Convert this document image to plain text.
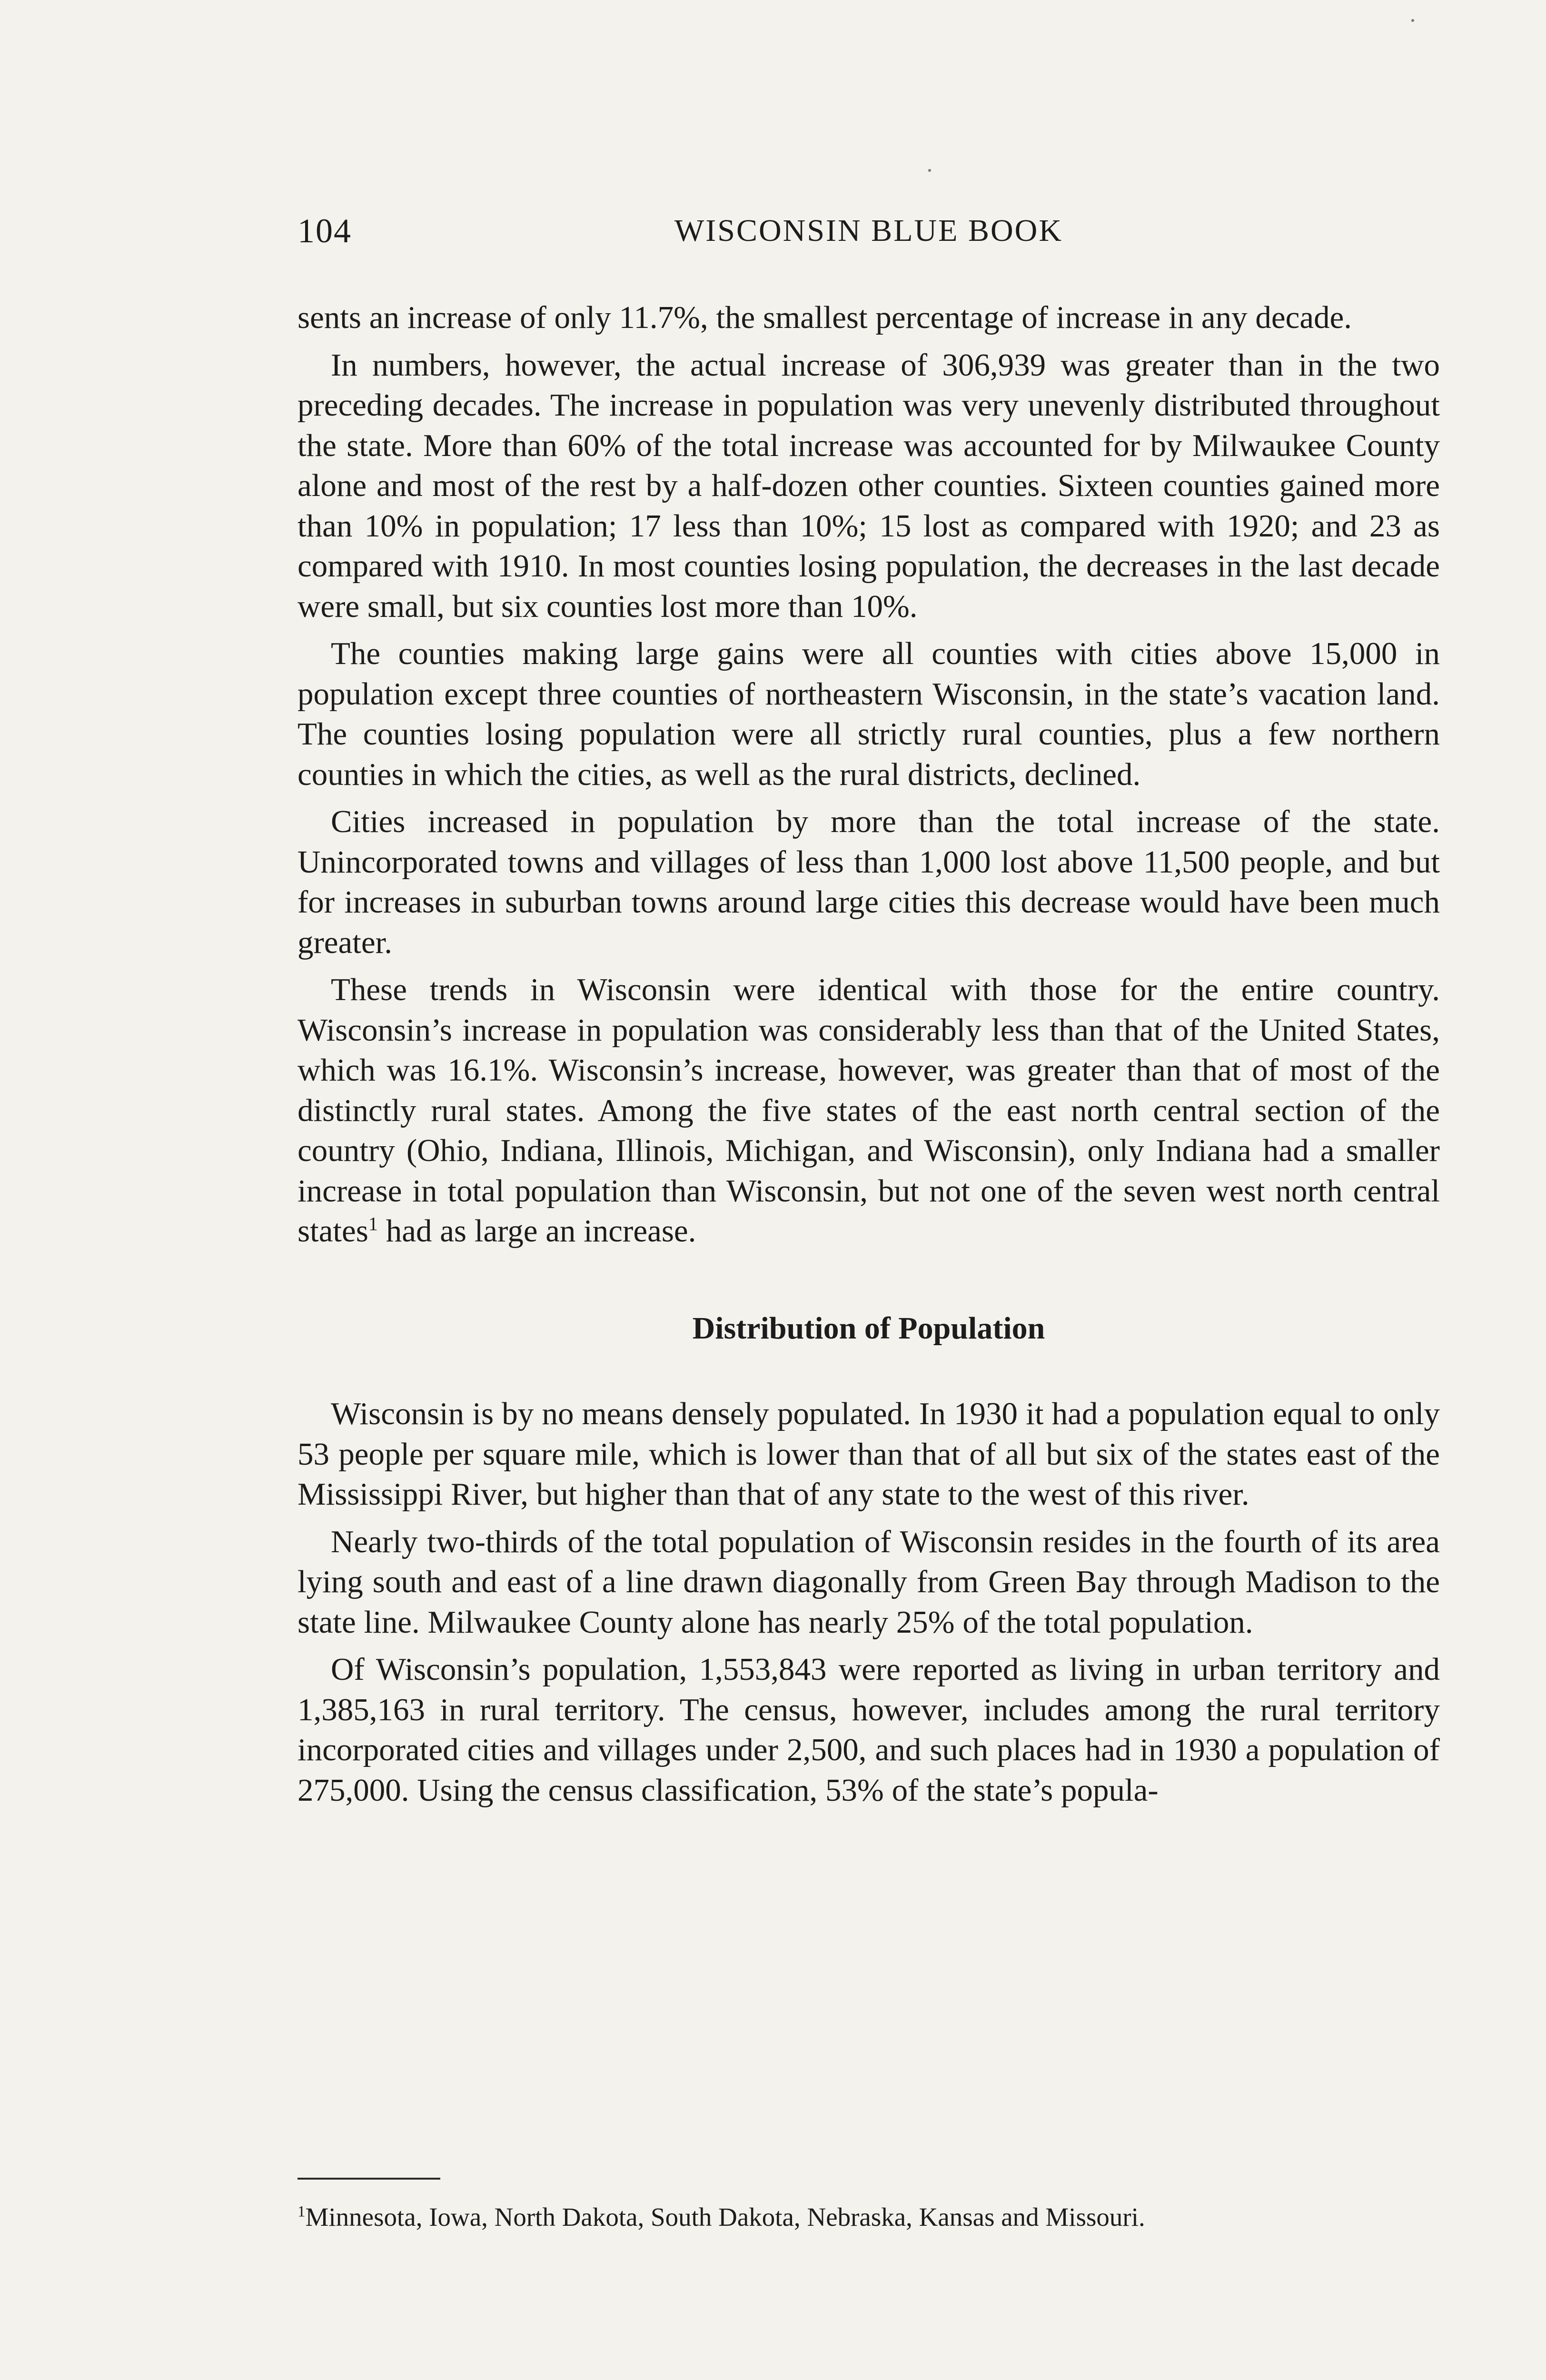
104	WISCONSIN BLUE BOOK

sents an increase of only 11.7%, the smallest percentage of increase in any decade.

In numbers, however, the actual increase of 306,939 was greater than in the two preceding decades. The increase in population was very unevenly distributed throughout the state. More than 60% of the total increase was accounted for by Milwaukee County alone and most of the rest by a half-dozen other counties. Sixteen counties gained more than 10% in population; 17 less than 10%; 15 lost as compared with 1920; and 23 as compared with 1910. In most counties losing population, the decreases in the last decade were small, but six counties lost more than 10%.

The counties making large gains were all counties with cities above 15,000 in population except three counties of northeastern Wisconsin, in the state’s vacation land. The counties losing population were all strictly rural counties, plus a few northern counties in which the cities, as well as the rural districts, declined.

Cities increased in population by more than the total increase of the state. Unincorporated towns and villages of less than 1,000 lost above 11,500 people, and but for increases in suburban towns around large cities this decrease would have been much greater.

These trends in Wisconsin were identical with those for the entire country. Wisconsin’s increase in population was considerably less than that of the United States, which was 16.1%. Wisconsin’s increase, however, was greater than that of most of the distinctly rural states. Among the five states of the east north central section of the country (Ohio, Indiana, Illinois, Michigan, and Wisconsin), only Indiana had a smaller increase in total population than Wisconsin, but not one of the seven west north central states$^1$ had as large an increase.

Distribution of Population

Wisconsin is by no means densely populated. In 1930 it had a population equal to only 53 people per square mile, which is lower than that of all but six of the states east of the Mississippi River, but higher than that of any state to the west of this river.

Nearly two-thirds of the total population of Wisconsin resides in the fourth of its area lying south and east of a line drawn diagonally from Green Bay through Madison to the state line. Milwaukee County alone has nearly 25% of the total population.

Of Wisconsin’s population, 1,553,843 were reported as living in urban territory and 1,385,163 in rural territory. The census, however, includes among the rural territory incorporated cities and villages under 2,500, and such places had in 1930 a population of 275,000. Using the census classification, 53% of the state’s popula-

$^1$Minnesota, Iowa, North Dakota, South Dakota, Nebraska, Kansas and Missouri.
